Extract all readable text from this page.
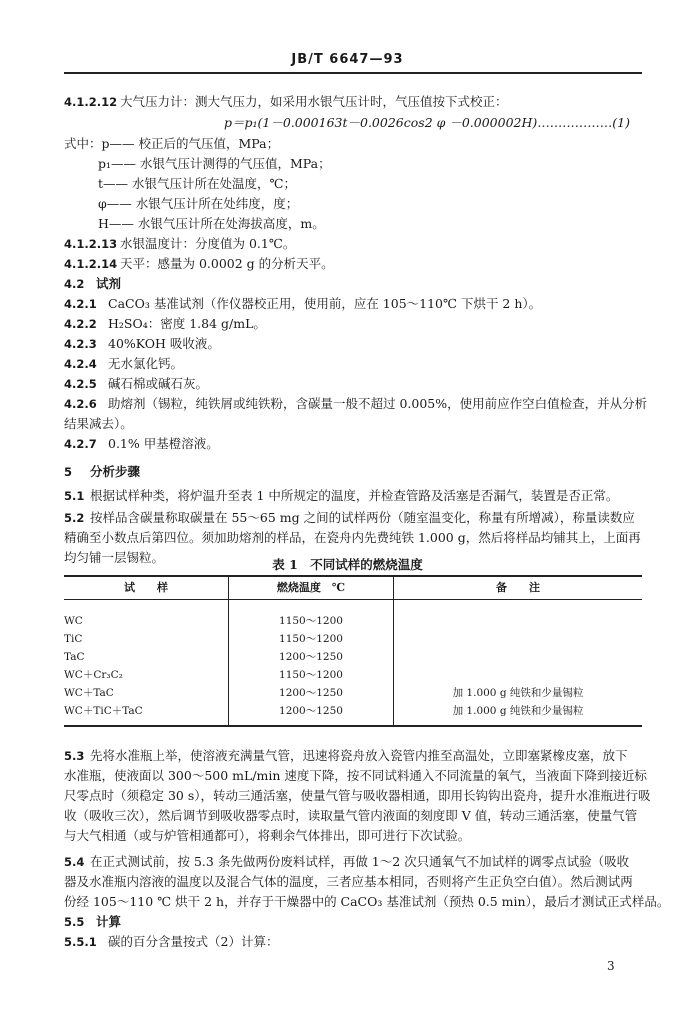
JB/T 6647—93
4.1.2.12 大气压力计：测大气压力，如采用水银气压计时，气压值按下式校正：
p＝p₁(1－0.000163t－0.0026cos2 φ －0.000002H)………………(1)
式中：p—— 校正后的气压值，MPa；
p₁—— 水银气压计测得的气压值，MPa；
t—— 水银气压计所在处温度，℃；
φ—— 水银气压计所在处纬度，度；
H—— 水银气压计所在处海拔高度，m。
4.1.2.13 水银温度计：分度值为 0.1℃。
4.1.2.14 天平：感量为 0.0002 g 的分析天平。
4.2 试剂
4.2.1 CaCO₃ 基准试剂（作仪器校正用，使用前，应在 105～110℃ 下烘干 2 h）。
4.2.2 H₂SO₄：密度 1.84 g/mL。
4.2.3 40%KOH 吸收液。
4.2.4 无水氯化钙。
4.2.5 碱石棉或碱石灰。
4.2.6 助熔剂（锡粒，纯铁屑或纯铁粉，含碳量一般不超过 0.005%，使用前应作空白值检查，并从分析
结果减去）。
4.2.7 0.1% 甲基橙溶液。
5 分析步骤
5.1 根据试样种类，将炉温升至表 1 中所规定的温度，并检查管路及活塞是否漏气，装置是否正常。
5.2 按样品含碳量称取碳量在 55～65 mg 之间的试样两份（随室温变化，称量有所增减），称量读数应
精确至小数点后第四位。须加助熔剂的样品，在瓷舟内先费纯铁 1.000 g，然后将样品均铺其上，上面再
均匀铺一层锡粒。	表 1　不同试样的燃烧温度
试　　样	燃烧温度　℃	备　　注
WC	1150～1200
TiC	1150～1200
TaC	1200～1250
WC＋Cr₃C₂	1150～1200
WC＋TaC	1200～1250	加 1.000 g 纯铁和少量锡粒
WC＋TiC＋TaC	1200～1250	加 1.000 g 纯铁和少量锡粒
5.3 先将水准瓶上举，使溶液充满量气管，迅速将瓷舟放入瓷管内推至高温处，立即塞紧橡皮塞，放下
水准瓶，使液面以 300～500 mL/min 速度下降，按不同试料通入不同流量的氧气，当液面下降到接近标
尺零点时（须稳定 30 s），转动三通活塞，使量气管与吸收器相通，即用长钩钩出瓷舟，提升水准瓶进行吸
收（吸收三次），然后调节到吸收器零点时，读取量气管内液面的刻度即 V 值，转动三通活塞，使量气管
与大气相通（或与炉管相通都可），将剩余气体排出，即可进行下次试验。
5.4 在正式测试前，按 5.3 条先做两份废料试样，再做 1～2 次只通氧气不加试样的调零点试验（吸收
器及水准瓶内溶液的温度以及混合气体的温度，三者应基本相同，否则将产生正负空白值）。然后测试两
份经 105～110 ℃ 烘干 2 h，并存于干燥器中的 CaCO₃ 基准试剂（预热 0.5 min），最后才测试正式样品。
5.5 计算
5.5.1 碳的百分含量按式（2）计算：
3
